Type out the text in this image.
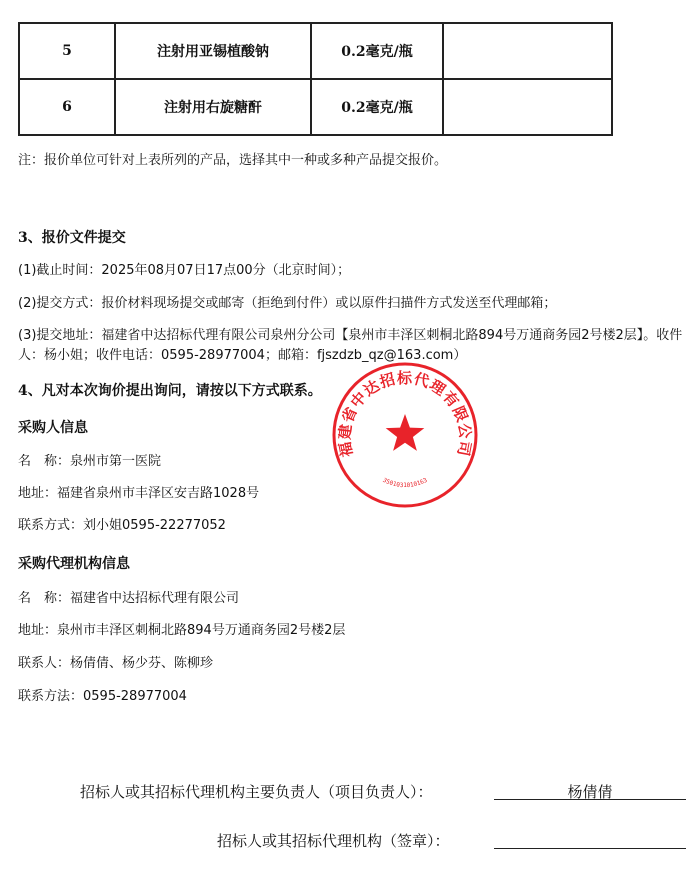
5	注射用亚锡植酸钠	0.2毫克/瓶	
6	注射用右旋糖酐	0.2毫克/瓶	
注：报价单位可针对上表所列的产品，选择其中一种或多种产品提交报价。
3、报价文件提交
(1)截止时间：2025年08月07日17点00分（北京时间）；
(2)提交方式：报价材料现场提交或邮寄（拒绝到付件）或以原件扫描件方式发送至代理邮箱；
(3)提交地址：福建省中达招标代理有限公司泉州分公司【泉州市丰泽区刺桐北路894号万通商务园2号楼2层】。收件人：杨小姐；收件电话：0595-28977004；邮箱：fjszdzb_qz@163.com）
4、凡对本次询价提出询问，请按以下方式联系。
采购人信息
名　称：泉州市第一医院
地址：福建省泉州市丰泽区安吉路1028号
联系方式：刘小姐0595-22277052
采购代理机构信息
名　称：福建省中达招标代理有限公司
地址：泉州市丰泽区刺桐北路894号万通商务园2号楼2层
联系人：杨倩倩、杨少芬、陈柳珍
联系方法：0595-28977004
招标人或其招标代理机构主要负责人（项目负责人）：	杨倩倩
招标人或其招标代理机构（签章）：
福建省中达招标代理有限公司
3501031010163
